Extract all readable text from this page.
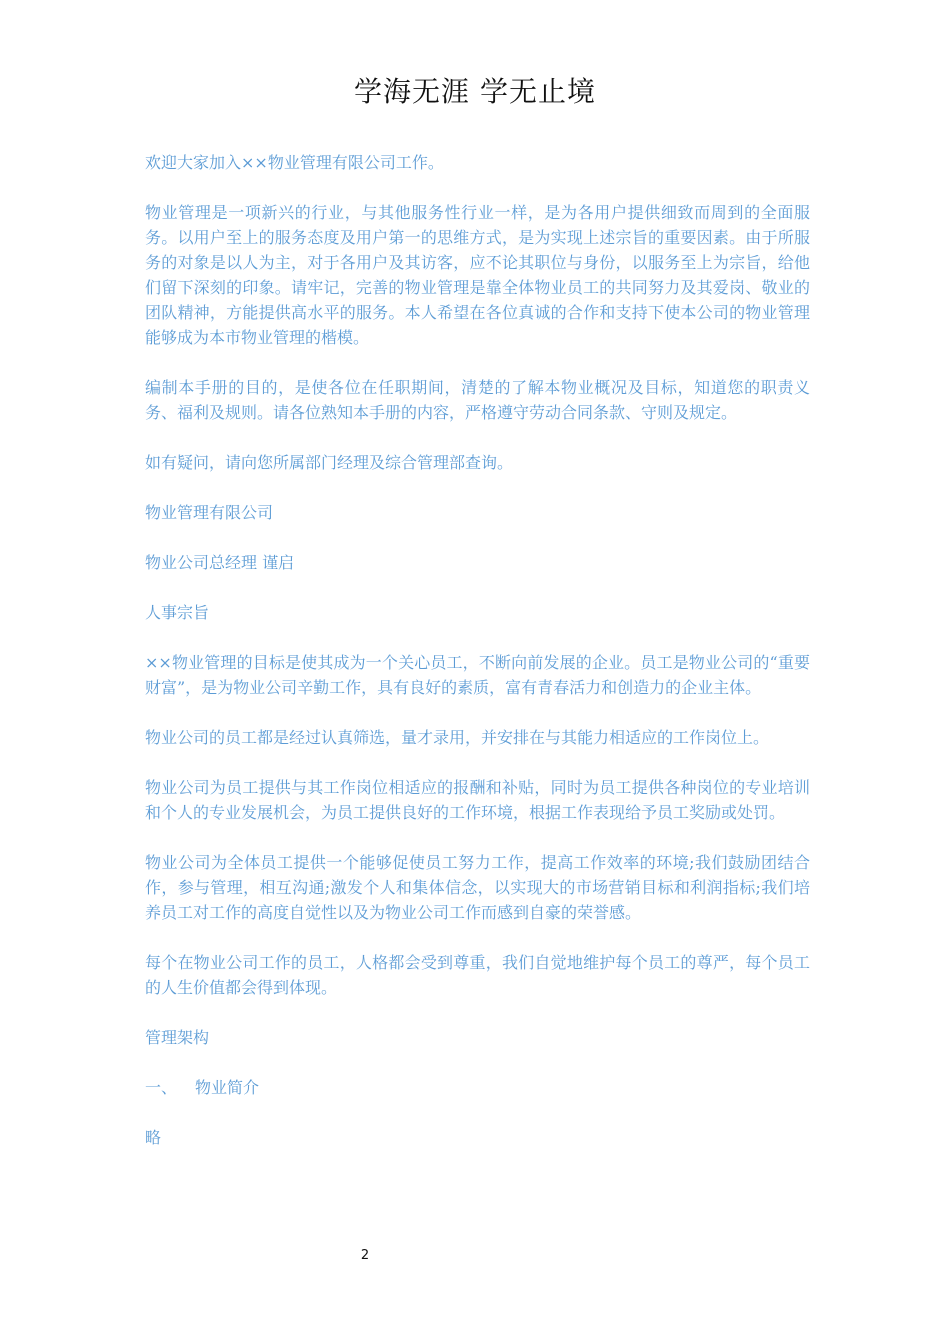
学海无涯 学无止境

欢迎大家加入××物业管理有限公司工作。

物业管理是一项新兴的行业，与其他服务性行业一样，是为各用户提供细致而周到的全面服务。以用户至上的服务态度及用户第一的思维方式，是为实现上述宗旨的重要因素。由于所服务的对象是以人为主，对于各用户及其访客，应不论其职位与身份，以服务至上为宗旨，给他们留下深刻的印象。请牢记，完善的物业管理是靠全体物业员工的共同努力及其爱岗、敬业的团队精神，方能提供高水平的服务。本人希望在各位真诚的合作和支持下使本公司的物业管理能够成为本市物业管理的楷模。

编制本手册的目的，是使各位在任职期间，清楚的了解本物业概况及目标，知道您的职责义务、福利及规则。请各位熟知本手册的内容，严格遵守劳动合同条款、守则及规定。

如有疑问，请向您所属部门经理及综合管理部查询。

物业管理有限公司

物业公司总经理 谨启

人事宗旨

××物业管理的目标是使其成为一个关心员工，不断向前发展的企业。员工是物业公司的“重要财富”，是为物业公司辛勤工作，具有良好的素质，富有青春活力和创造力的企业主体。

物业公司的员工都是经过认真筛选，量才录用，并安排在与其能力相适应的工作岗位上。

物业公司为员工提供与其工作岗位相适应的报酬和补贴，同时为员工提供各种岗位的专业培训和个人的专业发展机会，为员工提供良好的工作环境，根据工作表现给予员工奖励或处罚。

物业公司为全体员工提供一个能够促使员工努力工作，提高工作效率的环境;我们鼓励团结合作，参与管理，相互沟通;激发个人和集体信念，以实现大的市场营销目标和利润指标;我们培养员工对工作的高度自觉性以及为物业公司工作而感到自豪的荣誉感。

每个在物业公司工作的员工，人格都会受到尊重，我们自觉地维护每个员工的尊严，每个员工的人生价值都会得到体现。

管理架构

一、 物业简介

略

2
